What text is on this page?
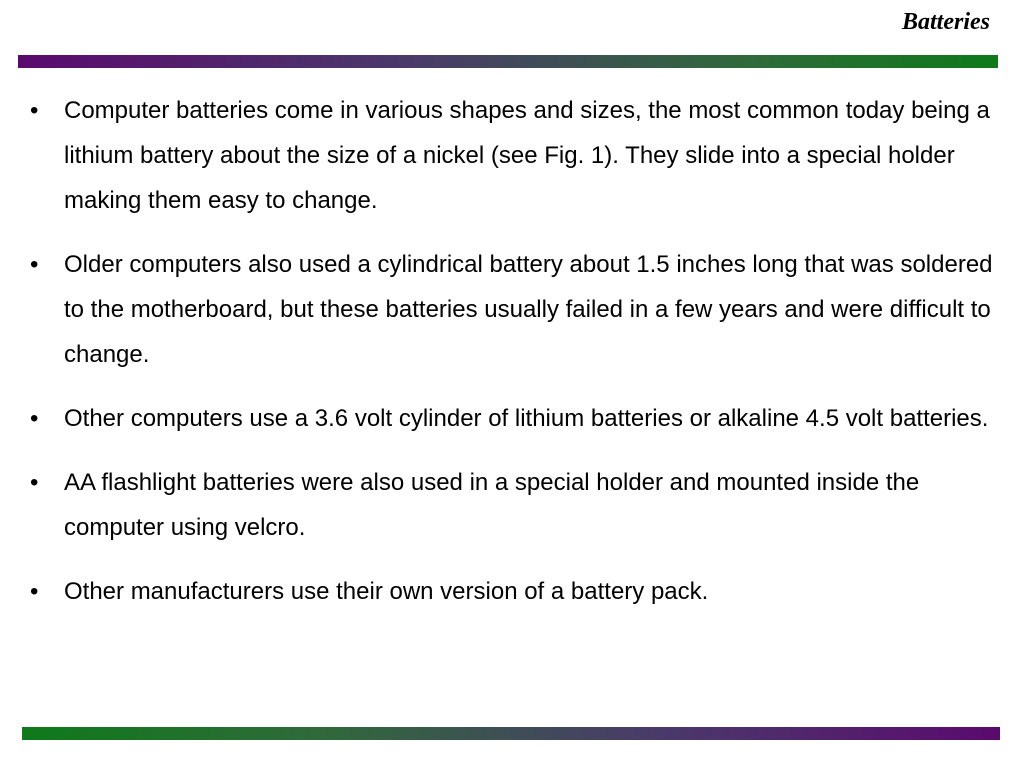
Batteries
• Computer batteries come in various shapes and sizes, the most common today being a lithium battery about the size of a nickel (see Fig. 1). They slide into a special holder making them easy to change.
• Older computers also used a cylindrical battery about 1.5 inches long that was soldered to the motherboard, but these batteries usually failed in a few years and were difficult to change.
• Other computers use a 3.6 volt cylinder of lithium batteries or alkaline 4.5 volt batteries.
• AA flashlight batteries were also used in a special holder and mounted inside the computer using velcro.
• Other manufacturers use their own version of a battery pack.
